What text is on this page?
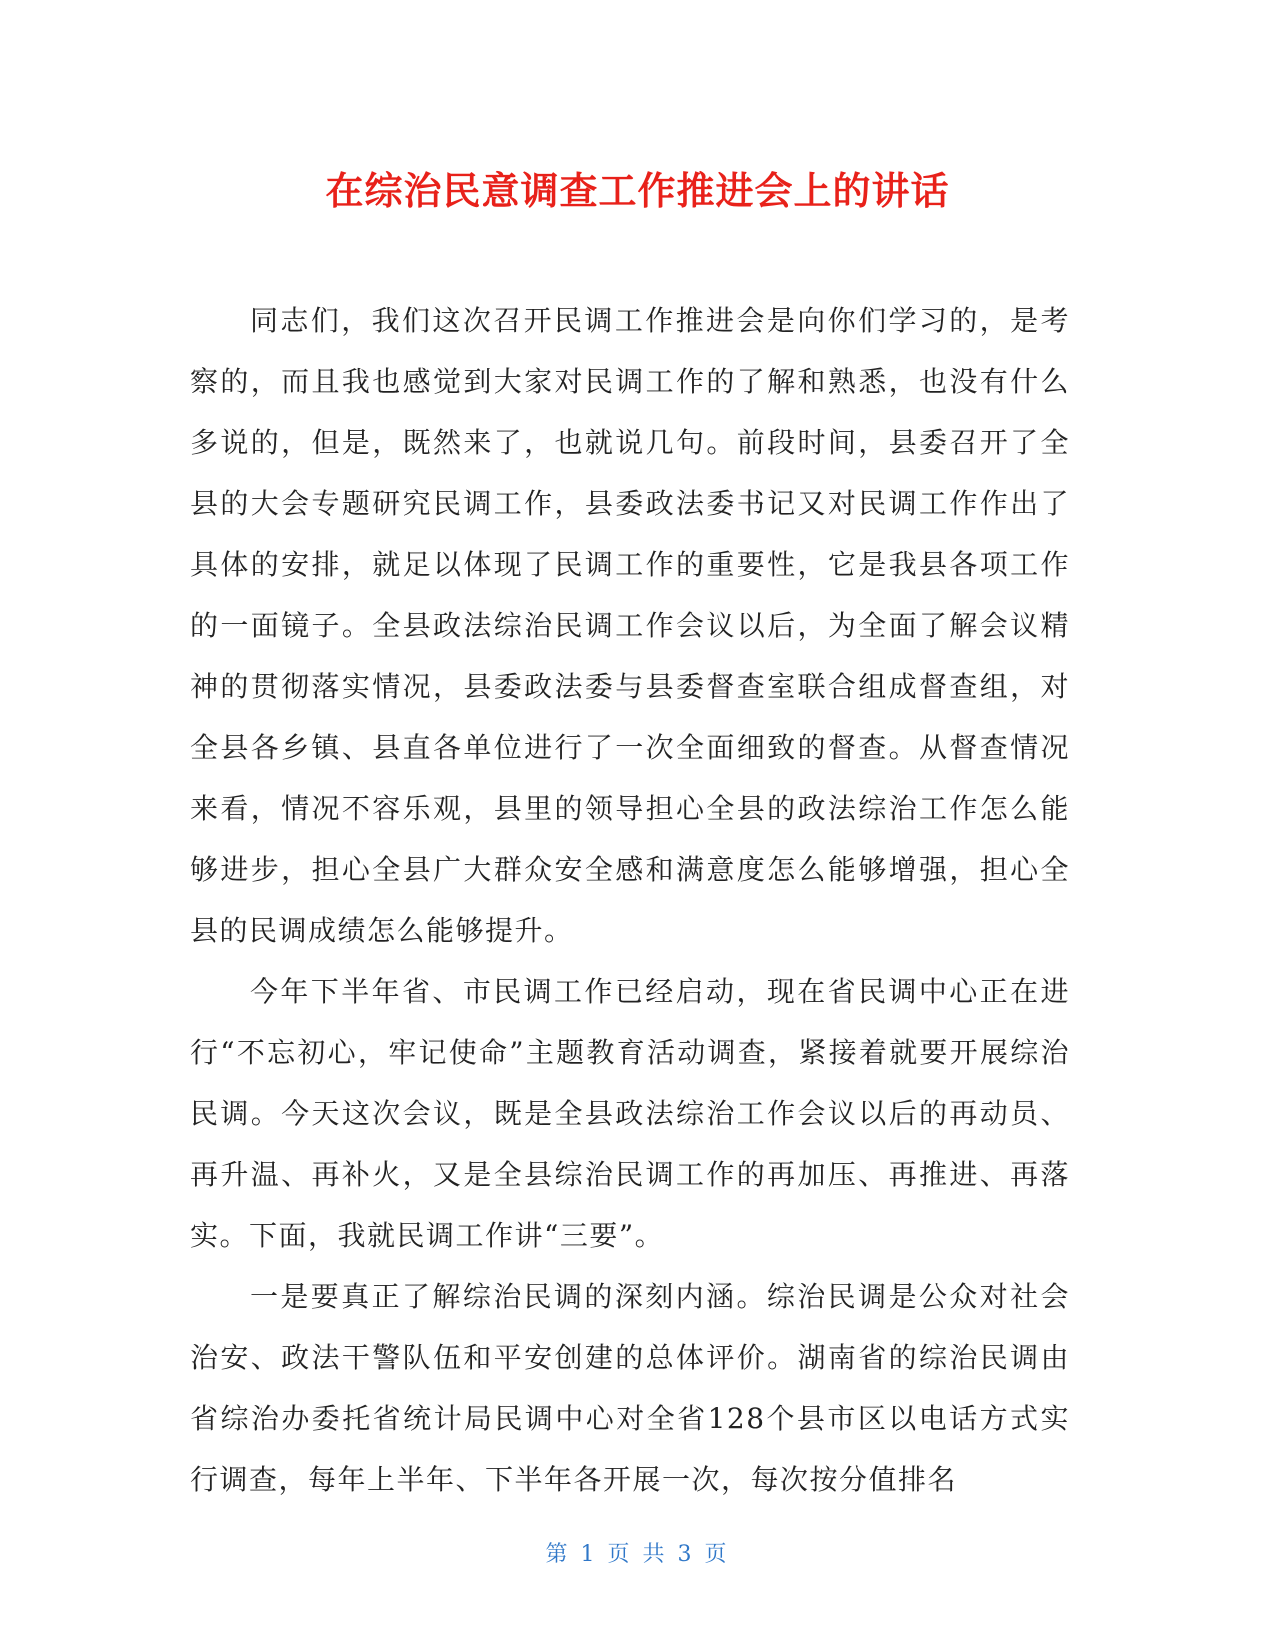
在综治民意调查工作推进会上的讲话

同志们，我们这次召开民调工作推进会是向你们学习的，是考察的，而且我也感觉到大家对民调工作的了解和熟悉，也没有什么多说的，但是，既然来了，也就说几句。前段时间，县委召开了全县的大会专题研究民调工作，县委政法委书记又对民调工作作出了具体的安排，就足以体现了民调工作的重要性，它是我县各项工作的一面镜子。全县政法综治民调工作会议以后，为全面了解会议精神的贯彻落实情况，县委政法委与县委督查室联合组成督查组，对全县各乡镇、县直各单位进行了一次全面细致的督查。从督查情况来看，情况不容乐观，县里的领导担心全县的政法综治工作怎么能够进步，担心全县广大群众安全感和满意度怎么能够增强，担心全县的民调成绩怎么能够提升。

今年下半年省、市民调工作已经启动，现在省民调中心正在进行“不忘初心，牢记使命”主题教育活动调查，紧接着就要开展综治民调。今天这次会议，既是全县政法综治工作会议以后的再动员、再升温、再补火，又是全县综治民调工作的再加压、再推进、再落实。下面，我就民调工作讲“三要”。

一是要真正了解综治民调的深刻内涵。综治民调是公众对社会治安、政法干警队伍和平安创建的总体评价。湖南省的综治民调由省综治办委托省统计局民调中心对全省128个县市区以电话方式实行调查，每年上半年、下半年各开展一次，每次按分值排名

第 1 页 共 3 页
